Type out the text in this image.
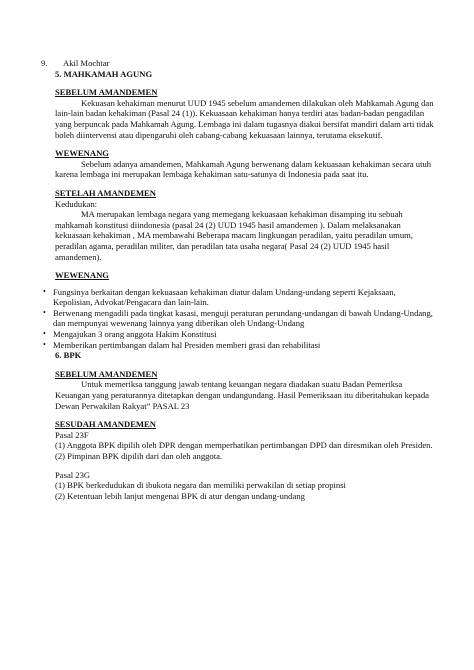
9.	Akil Mochtar
5. MAHKAMAH AGUNG
SEBELUM AMANDEMEN

Kekuasan kehakiman menurut UUD 1945 sebelum amandemen dilakukan oleh Mahkamah Agung dan lain-lain badan kehakiman (Pasal 24 (1)). Kekuasaan kehakiman hanya terdiri atas badan-badan pengadilan yang berpuncak pada Mahkamah Agung. Lembaga ini dalam tugasnya diakui bersifat mandiri dalam arti tidak boleh diintervensi atau dipengaruhi oleh cabang-cabang kekuasaan lainnya, terutama eksekutif.

WEWENANG

Sebelum adanya amandemen, Mahkamah Agung berwenang dalam kekuasaan kehakiman secara utuh karena lembaga ini merupakan lembaga kehakiman satu-satunya di Indonesia pada saat itu.

SETELAH AMANDEMEN

Kedudukan:

MA merupakan lembaga negara yang memegang kekuasaan kehakiman disamping itu sebuah mahkamah konstitusi diindonesia (pasal 24 (2) UUD 1945 hasil amandemen ). Dalam melaksanakan kekuasaan kehakiman , MA membawahi Beberapa macam lingkungan peradilan, yaitu peradilan umum, peradilan agama, peradilan militer, dan peradilan tata usaha negara( Pasal 24 (2) UUD 1945 hasil amandemen).

WEWENANG
• Fungsinya berkaitan dengan kekuasaan kehakiman diatur dalam Undang-undang seperti Kejaksaan, Kepolisian, Advokat/Pengacara dan lain-lain.
• Berwenang mengadili pada tingkat kasasi, menguji peraturan perundang-undangan di bawah Undang-Undang, dan mempunyai wewenang lainnya yang diberikan oleh Undang-Undang
• Mengajukan 3 orang anggota Hakim Konstitusi
• Memberikan pertimbangan dalam hal Presiden memberi grasi dan rehabilitasi
6. BPK
SEBELUM AMANDEMEN

Untuk memeriksa tanggung jawab tentang keuangan negara diadakan suatu Badan Pemeriksa Keuangan yang peraturannya ditetapkan dengan undangundang. Hasil Pemeriksaan itu diberitahukan kepada Dewan Perwakilan Rakyat” PASAL 23

SESUDAH AMANDEMEN

Pasal 23F

(1) Anggota BPK dipilih oleh DPR dengan memperhatikan pertimbangan DPD dan diresmikan oleh Presiden.

(2) Pimpinan BPK dipilih dari dan oleh anggota.

Pasal 23G

(1) BPK berkedudukan di ibukota negara dan memiliki perwakilan di setiap propinsi

(2) Ketentuan lebih lanjut mengenai BPK di atur dengan undang-undang
